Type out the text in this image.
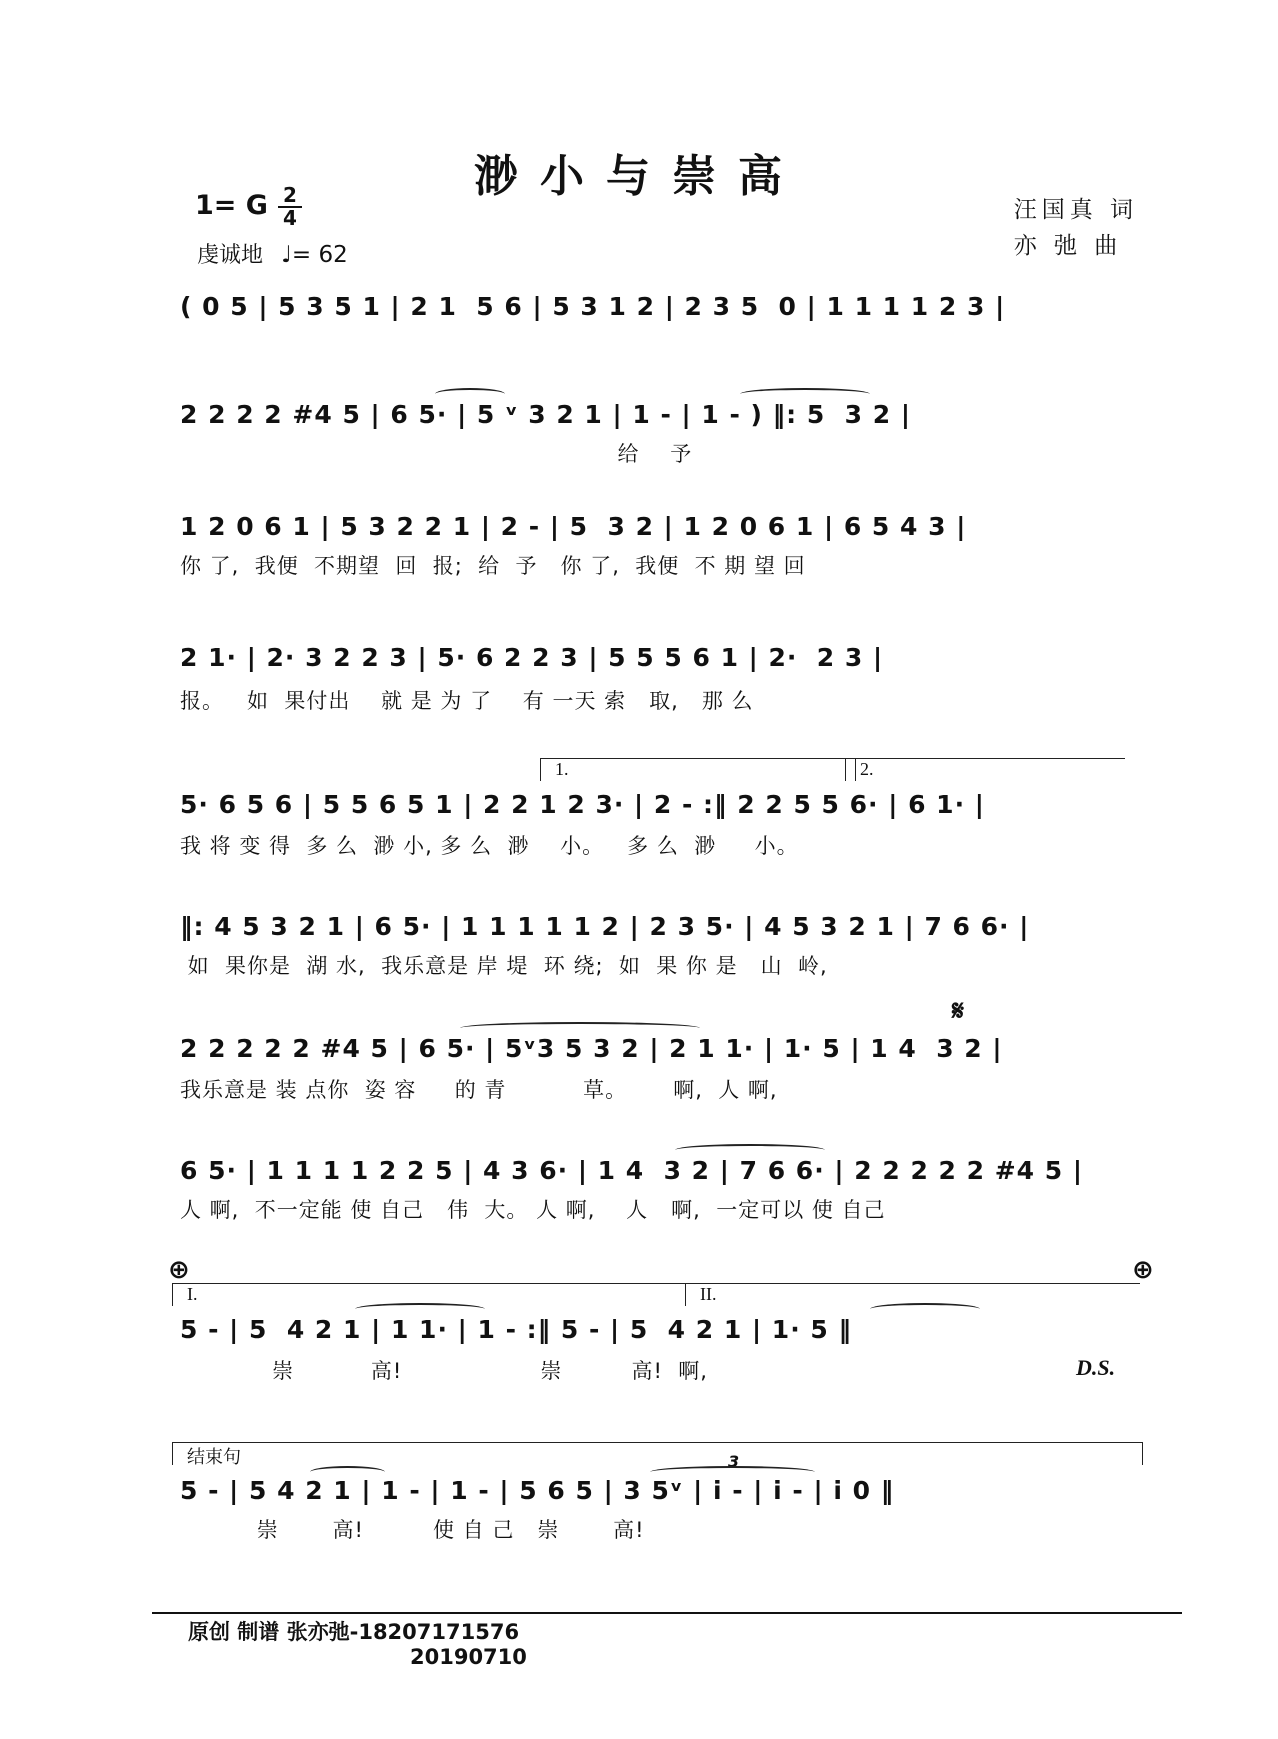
渺小与崇高
1= G 2
4
虔诚地 ♩= 62
汪国真 词
亦 弛 曲
( 0 5 | 5 3 5 1 | 2 1  5 6 | 5 3 1 2 | 2 3 5  0 | 1 1 1 1 2 3 |
2 2 2 2 #4 5 | 6 5· | 5 ᵛ 3 2 1 | 1 - | 1 - ) ‖: 5  3 2 |
给    予
1 2 0 6 1 | 5 3 2 2 1 | 2 - | 5  3 2 | 1 2 0 6 1 | 6 5 4 3 |
你 了,  我便  不期望  回  报;  给  予   你 了,  我便  不 期 望 回
2 1· | 2· 3 2 2 3 | 5· 6 2 2 3 | 5 5 5 6 1 | 2·  2 3 |
报。   如  果付出    就 是 为 了    有 一天 索   取,   那 么
1.	2.
5· 6 5 6 | 5 5 6 5 1 | 2 2 1 2 3· | 2 - :‖ 2 2 5 5 6· | 6 1· |
我 将 变 得  多 么  渺 小, 多 么  渺    小。   多 么  渺     小。
‖: 4 5 3 2 1 | 6 5· | 1 1 1 1 1 2 | 2 3 5· | 4 5 3 2 1 | 7 6 6· |
如  果你是  湖 水,  我乐意是 岸 堤  环 绕;  如  果 你 是   山  岭,
𝄋
2 2 2 2 2 #4 5 | 6 5· | 5ᵛ3 5 3 2 | 2 1 1· | 1· 5 | 1 4  3 2 |
我乐意是 装 点你  姿 容     的 青          草。      啊,  人 啊,
6 5· | 1 1 1 1 2 2 5 | 4 3 6· | 1 4  3 2 | 7 6 6· | 2 2 2 2 2 #4 5 |
人 啊,  不一定能 使 自己   伟  大。 人 啊,    人   啊,  一定可以 使 自己
⊕	⊕
I.	II.
5 - | 5  4 2 1 | 1 1· | 1 - :‖ 5 - | 5  4 2 1 | 1· 5 ‖
崇          高!                  崇         高!  啊,	D.S.
结束句	3
5 - | 5 4 2 1 | 1 - | 1 - | 5 6 5 | 3 5ᵛ | i - | i - | i 0 ‖
崇       高!         使 自 己   崇       高!
原创 制谱 张亦弛-18207171576
20190710
